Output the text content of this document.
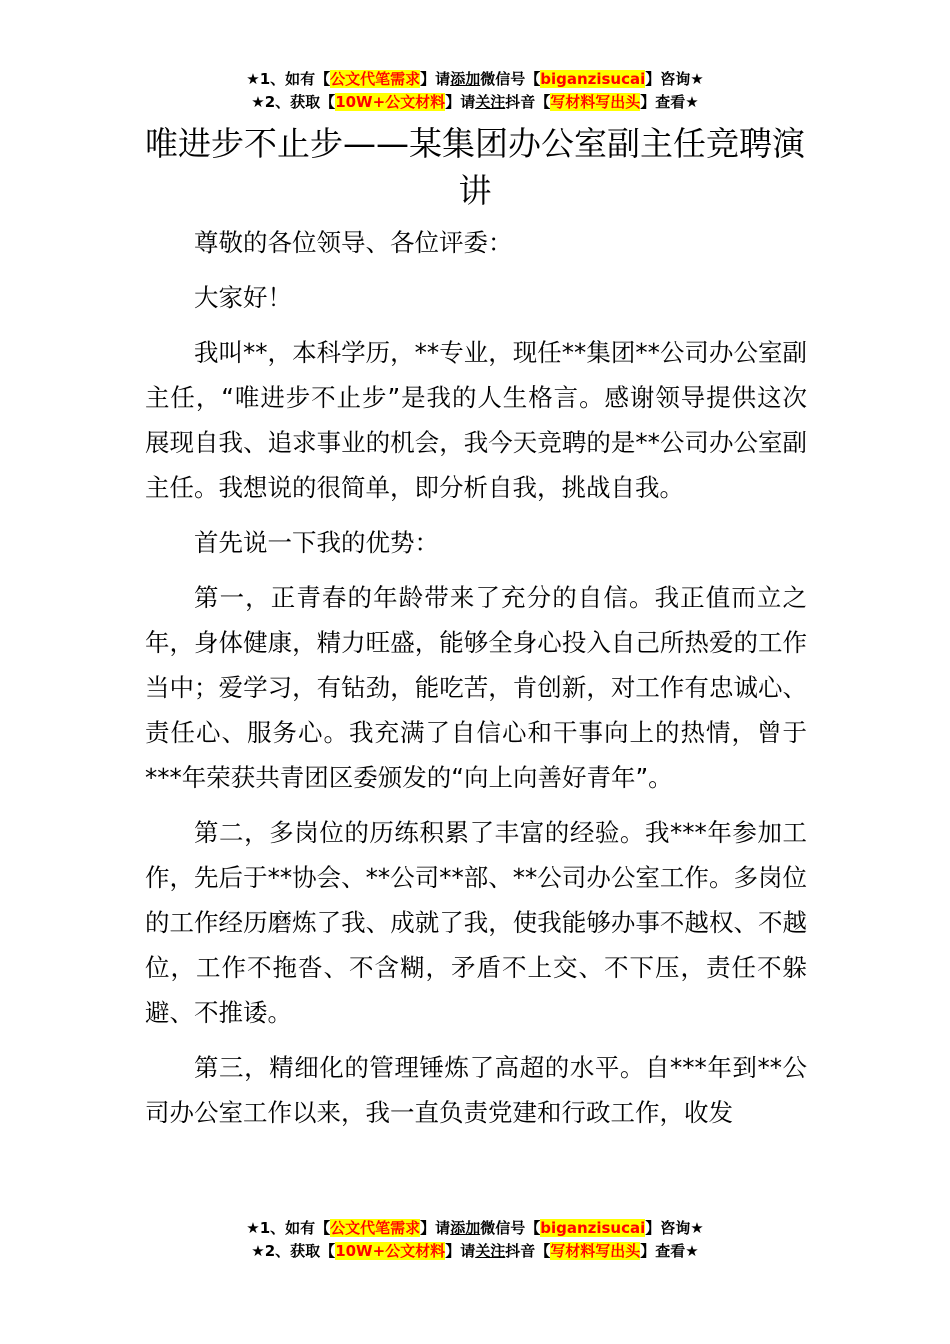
★1、如有【公文代笔需求】请添加微信号【biganzisucai】咨询★
★2、获取【10W+公文材料】请关注抖音【写材料写出头】查看★
唯进步不止步——某集团办公室副主任竞聘演讲

尊敬的各位领导、各位评委：

大家好！

我叫**，本科学历，**专业，现任**集团**公司办公室副主任，“唯进步不止步”是我的人生格言。感谢领导提供这次展现自我、追求事业的机会，我今天竞聘的是**公司办公室副主任。我想说的很简单，即分析自我，挑战自我。

首先说一下我的优势：

第一，正青春的年龄带来了充分的自信。我正值而立之年，身体健康，精力旺盛，能够全身心投入自己所热爱的工作当中；爱学习，有钻劲，能吃苦，肯创新，对工作有忠诚心、责任心、服务心。我充满了自信心和干事向上的热情，曾于***年荣获共青团区委颁发的“向上向善好青年”。

第二，多岗位的历练积累了丰富的经验。我***年参加工作，先后于**协会、**公司**部、**公司办公室工作。多岗位的工作经历磨炼了我、成就了我，使我能够办事不越权、不越位，工作不拖沓、不含糊，矛盾不上交、不下压，责任不躲避、不推诿。

第三，精细化的管理锤炼了高超的水平。自***年到**公司办公室工作以来，我一直负责党建和行政工作，收发

★1、如有【公文代笔需求】请添加微信号【biganzisucai】咨询★
★2、获取【10W+公文材料】请关注抖音【写材料写出头】查看★
